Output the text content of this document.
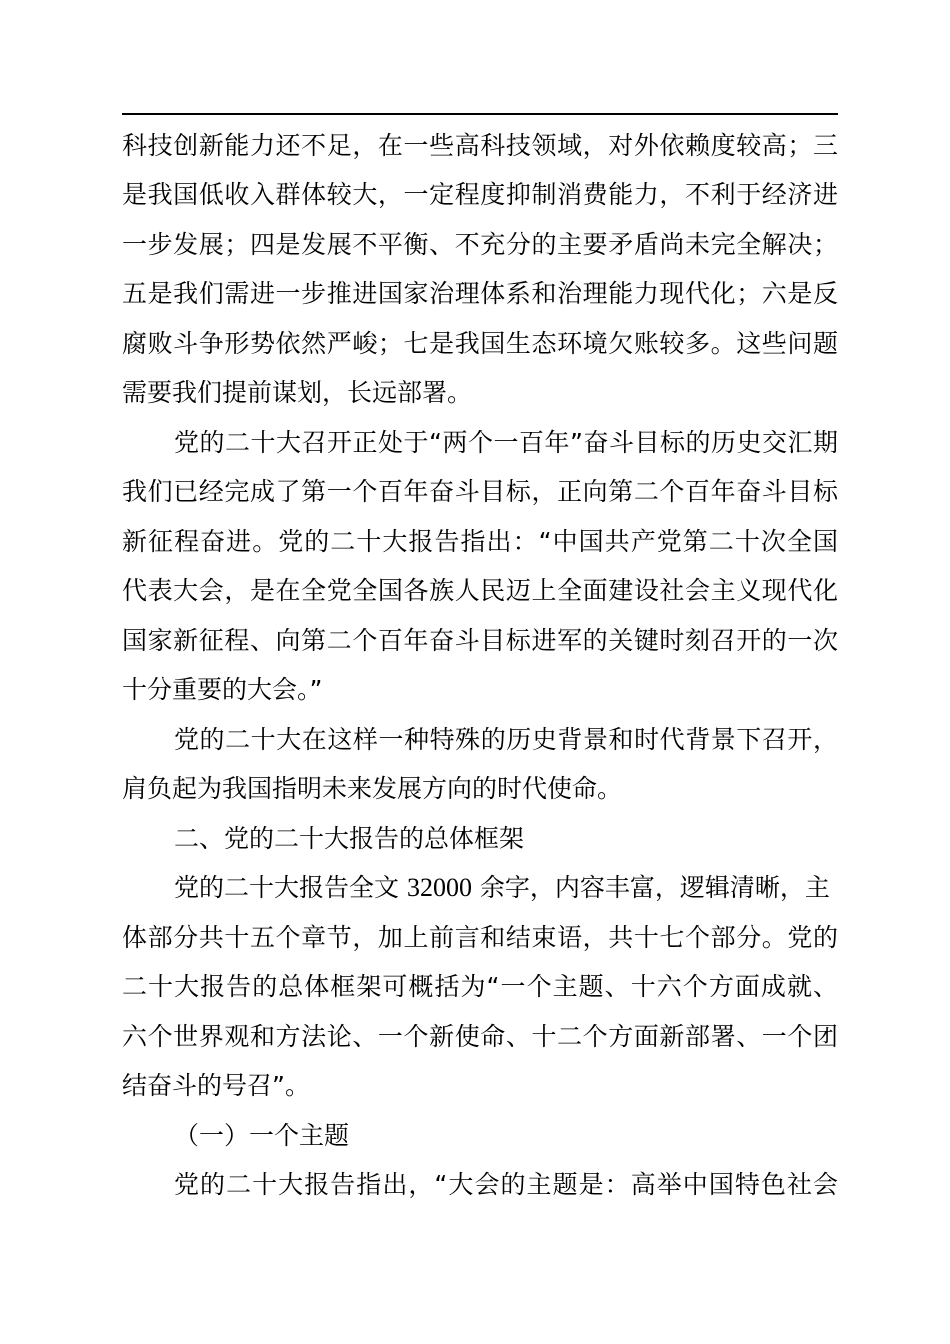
科技创新能力还不足，在一些高科技领域，对外依赖度较高；三
是我国低收入群体较大，一定程度抑制消费能力，不利于经济进
一步发展；四是发展不平衡、不充分的主要矛盾尚未完全解决；
五是我们需进一步推进国家治理体系和治理能力现代化；六是反
腐败斗争形势依然严峻；七是我国生态环境欠账较多。这些问题
需要我们提前谋划，长远部署。
党的二十大召开正处于“两个一百年”奋斗目标的历史交汇期
我们已经完成了第一个百年奋斗目标，正向第二个百年奋斗目标
新征程奋进。党的二十大报告指出：“中国共产党第二十次全国
代表大会，是在全党全国各族人民迈上全面建设社会主义现代化
国家新征程、向第二个百年奋斗目标进军的关键时刻召开的一次
十分重要的大会。”
党的二十大在这样一种特殊的历史背景和时代背景下召开，
肩负起为我国指明未来发展方向的时代使命。
二、党的二十大报告的总体框架
党的二十大报告全文 32000 余字，内容丰富，逻辑清晰，主
体部分共十五个章节，加上前言和结束语，共十七个部分。党的
二十大报告的总体框架可概括为“一个主题、十六个方面成就、
六个世界观和方法论、一个新使命、十二个方面新部署、一个团
结奋斗的号召”。
（一）一个主题
党的二十大报告指出，“大会的主题是：高举中国特色社会
